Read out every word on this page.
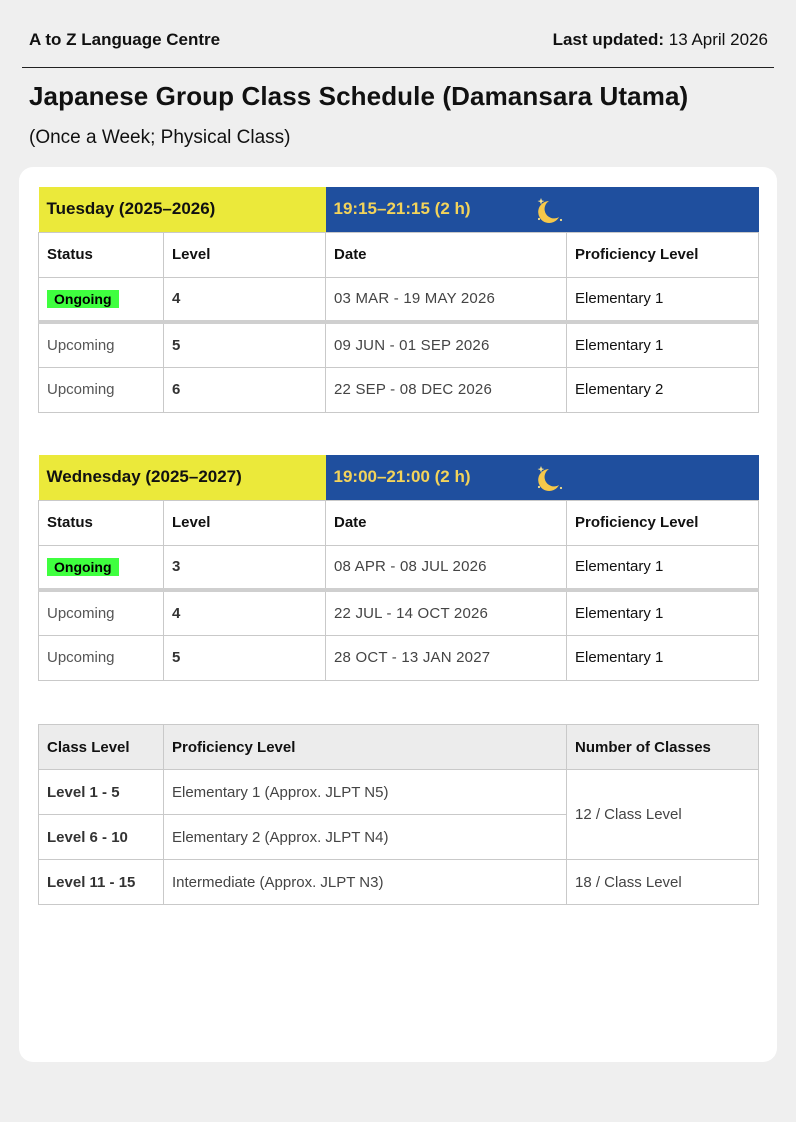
A to Z Language Centre	Last updated: 13 April 2026
Japanese Group Class Schedule (Damansara Utama)
(Once a Week; Physical Class)
Tuesday (2025–2026)		19:15–21:15 (2 h)	

Status	Level	Date	Proficiency Level
Ongoing	4	03 MAR - 19 MAY 2026	Elementary 1
Upcoming	5	09 JUN - 01 SEP 2026	Elementary 1
Upcoming	6	22 SEP - 08 DEC 2026	Elementary 2
Wednesday (2025–2027)		19:00–21:00 (2 h)	

Status	Level	Date	Proficiency Level
Ongoing	3	08 APR - 08 JUL 2026	Elementary 1
Upcoming	4	22 JUL - 14 OCT 2026	Elementary 1
Upcoming	5	28 OCT - 13 JAN 2027	Elementary 1
Class Level	Proficiency Level	Number of Classes
Level 1 - 5	Elementary 1 (Approx. JLPT N5)	12 / Class Level
Level 6 - 10	Elementary 2 (Approx. JLPT N4)	
Level 11 - 15	Intermediate (Approx. JLPT N3)	18 / Class Level
